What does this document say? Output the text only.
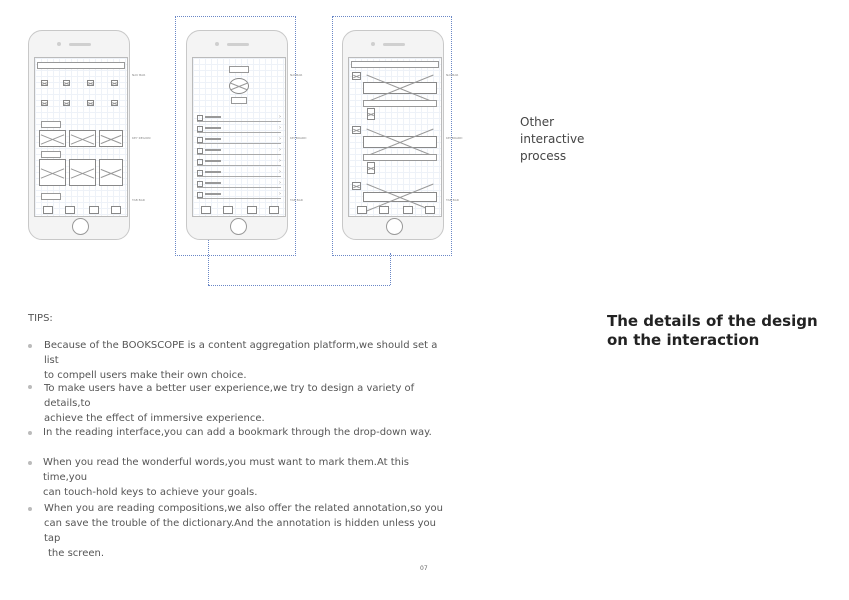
›
›
›
›
›
›
›
›
NAV BAR
KEY REGION
TAB BAR
NAVBAR
KEYBOARD
TAB BAR
NAVBAR
KEYBOARD
TAB BAR
Other
interactive
process
The details of the design
on the interaction
TIPS:
Because of the BOOKSCOPE is a content aggregation platform,we should set a list
to compell users make their own choice.
To make users have a better user experience,we try to design a variety of details,to
achieve the effect of immersive experience.
In the reading interface,you can add a bookmark through the drop-down way.
When you read the wonderful words,you must want to mark them.At this time,you
can touch-hold keys to achieve your goals.
When you are reading compositions,we also offer the related annotation,so you
can save the trouble of the dictionary.And the annotation is hidden unless you tap
the screen.
07
